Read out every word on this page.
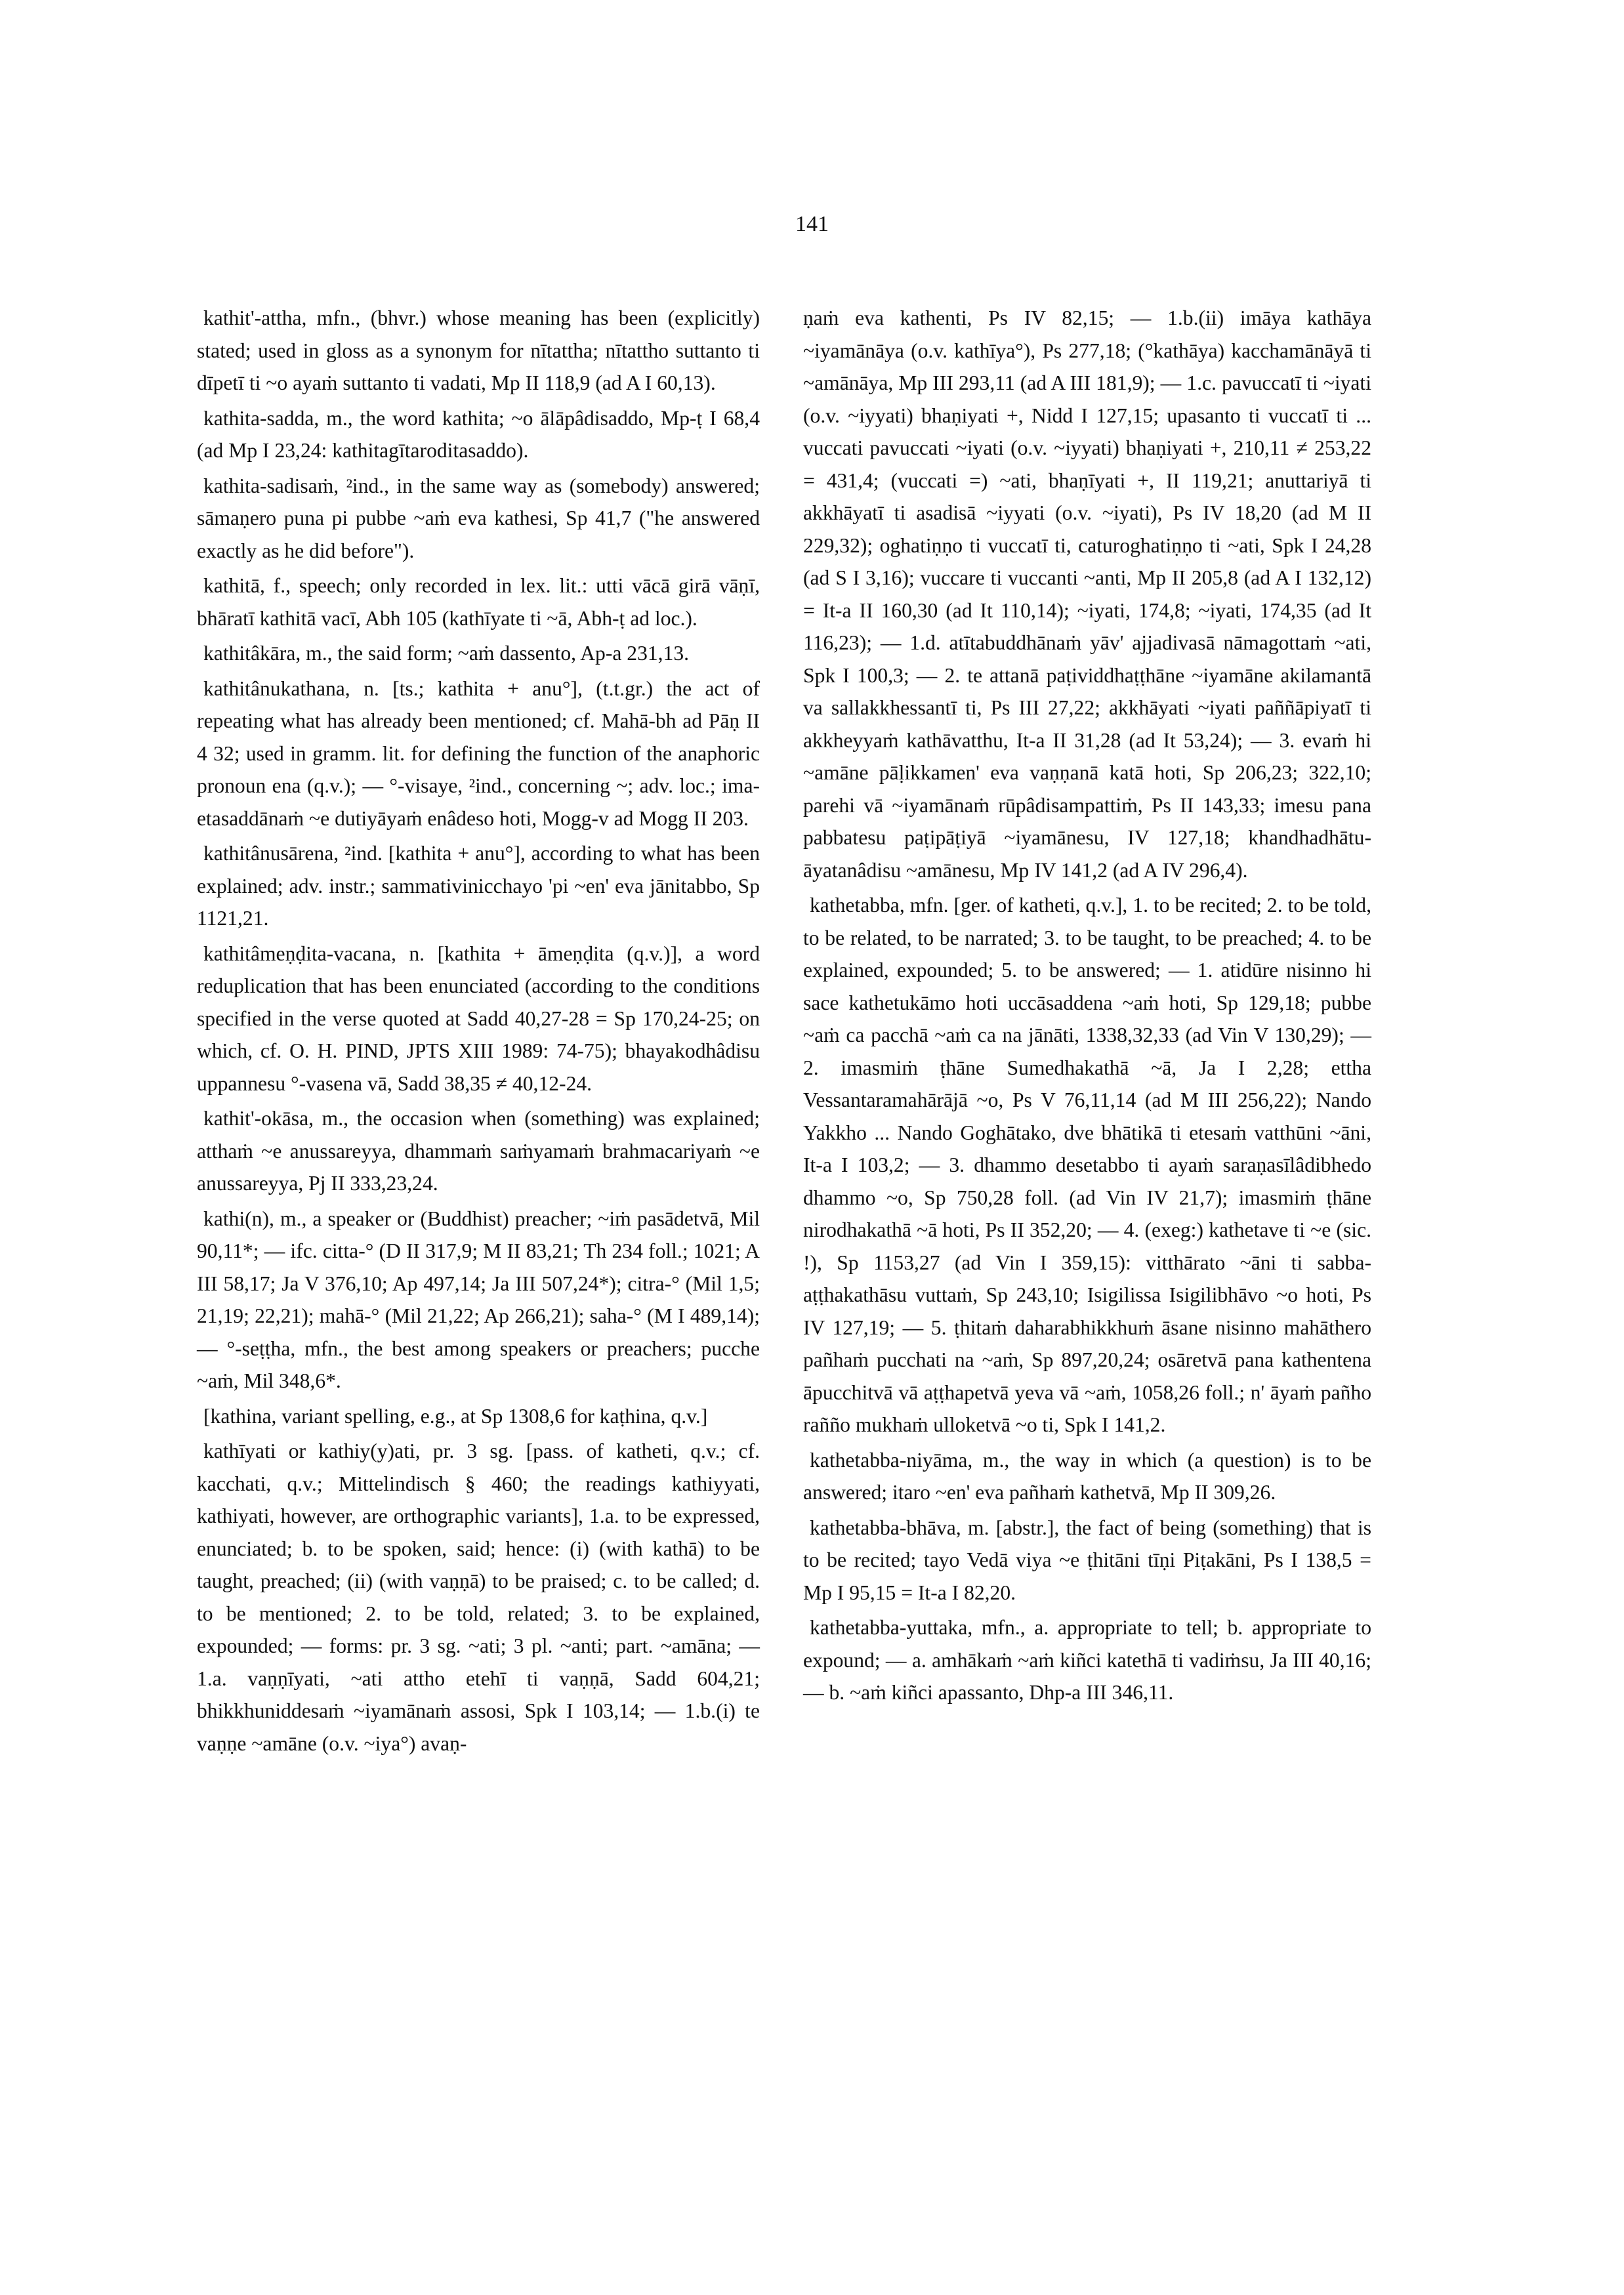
141

kathit'-attha, mfn., (bhvr.) whose meaning has been (explicitly) stated; used in gloss as a synonym for nītattha; nītattho suttanto ti dīpetī ti ~o ayaṁ suttanto ti vadati, Mp II 118,9 (ad A I 60,13).

kathita-sadda, m., the word kathita; ~o ālāpâdisaddo, Mp-ṭ I 68,4 (ad Mp I 23,24: kathitagītaroditasaddo).

kathita-sadisaṁ, ²ind., in the same way as (somebody) answered; sāmaṇero puna pi pubbe ~aṁ eva kathesi, Sp 41,7 ("he answered exactly as he did before").

kathitā, f., speech; only recorded in lex. lit.: utti vācā girā vāṇī, bhāratī kathitā vacī, Abh 105 (kathīyate ti ~ā, Abh-ṭ ad loc.).

kathitâkāra, m., the said form; ~aṁ dassento, Ap-a 231,13.

kathitânukathana, n. [ts.; kathita + anu°], (t.t.gr.) the act of repeating what has already been mentioned; cf. Mahā-bh ad Pāṇ II 4 32; used in gramm. lit. for defining the function of the anaphoric pronoun ena (q.v.); — °-visaye, ²ind., concerning ~; adv. loc.; ima-etasaddānaṁ ~e dutiyāyaṁ enâdeso hoti, Mogg-v ad Mogg II 203.

kathitânusārena, ²ind. [kathita + anu°], according to what has been explained; adv. instr.; sammativinicchayo 'pi ~en' eva jānitabbo, Sp 1121,21.

kathitâmeṇḍita-vacana, n. [kathita + āmeṇḍita (q.v.)], a word reduplication that has been enunciated (according to the conditions specified in the verse quoted at Sadd 40,27-28 = Sp 170,24-25; on which, cf. O. H. PIND, JPTS XIII 1989: 74-75); bhayakodhâdisu uppannesu °-vasena vā, Sadd 38,35 ≠ 40,12-24.

kathit'-okāsa, m., the occasion when (something) was explained; atthaṁ ~e anussareyya, dhammaṁ saṁyamaṁ brahmacariyaṁ ~e anussareyya, Pj II 333,23,24.

kathi(n), m., a speaker or (Buddhist) preacher; ~iṁ pasādetvā, Mil 90,11*; — ifc. citta-° (D II 317,9; M II 83,21; Th 234 foll.; 1021; A III 58,17; Ja V 376,10; Ap 497,14; Ja III 507,24*); citra-° (Mil 1,5; 21,19; 22,21); mahā-° (Mil 21,22; Ap 266,21); saha-° (M I 489,14); — °-seṭṭha, mfn., the best among speakers or preachers; pucche ~aṁ, Mil 348,6*.

[kathina, variant spelling, e.g., at Sp 1308,6 for kaṭhina, q.v.]

kathīyati or kathiy(y)ati, pr. 3 sg. [pass. of katheti, q.v.; cf. kacchati, q.v.; Mittelindisch § 460; the readings kathiyyati, kathiyati, however, are orthographic variants], 1.a. to be expressed, enunciated; b. to be spoken, said; hence: (i) (with kathā) to be taught, preached; (ii) (with vaṇṇā) to be praised; c. to be called; d. to be mentioned; 2. to be told, related; 3. to be explained, expounded; — forms: pr. 3 sg. ~ati; 3 pl. ~anti; part. ~amāna; — 1.a. vaṇṇīyati, ~ati attho etehī ti vaṇṇā, Sadd 604,21; bhikkhuniddesaṁ ~iyamānaṁ assosi, Spk I 103,14; — 1.b.(i) te vaṇṇe ~amāne (o.v. ~iya°) avaṇ-

ṇaṁ eva kathenti, Ps IV 82,15; — 1.b.(ii) imāya kathāya ~iyamānāya (o.v. kathīya°), Ps 277,18; (°kathāya) kacchamānāyā ti ~amānāya, Mp III 293,11 (ad A III 181,9); — 1.c. pavuccatī ti ~iyati (o.v. ~iyyati) bhaṇiyati +, Nidd I 127,15; upasanto ti vuccatī ti ... vuccati pavuccati ~iyati (o.v. ~iyyati) bhaṇiyati +, 210,11 ≠ 253,22 = 431,4; (vuccati =) ~ati, bhaṇīyati +, II 119,21; anuttariyā ti akkhāyatī ti asadisā ~iyyati (o.v. ~iyati), Ps IV 18,20 (ad M II 229,32); oghatiṇṇo ti vuccatī ti, caturoghatiṇṇo ti ~ati, Spk I 24,28 (ad S I 3,16); vuccare ti vuccanti ~anti, Mp II 205,8 (ad A I 132,12) = It-a II 160,30 (ad It 110,14); ~iyati, 174,8; ~iyati, 174,35 (ad It 116,23); — 1.d. atītabuddhānaṁ yāv' ajjadivasā nāmagottaṁ ~ati, Spk I 100,3; — 2. te attanā paṭividdhaṭṭhāne ~iyamāne akilamantā va sallakkhessantī ti, Ps III 27,22; akkhāyati ~iyati paññāpiyatī ti akkheyyaṁ kathāvatthu, It-a II 31,28 (ad It 53,24); — 3. evaṁ hi ~amāne pāḷikkamen' eva vaṇṇanā katā hoti, Sp 206,23; 322,10; parehi vā ~iyamānaṁ rūpâdisampattiṁ, Ps II 143,33; imesu pana pabbatesu paṭipāṭiyā ~iyamānesu, IV 127,18; khandhadhātu-āyatanâdisu ~amānesu, Mp IV 141,2 (ad A IV 296,4).

kathetabba, mfn. [ger. of katheti, q.v.], 1. to be recited; 2. to be told, to be related, to be narrated; 3. to be taught, to be preached; 4. to be explained, expounded; 5. to be answered; — 1. atidūre nisinno hi sace kathetukāmo hoti uccāsaddena ~aṁ hoti, Sp 129,18; pubbe ~aṁ ca pacchā ~aṁ ca na jānāti, 1338,32,33 (ad Vin V 130,29); — 2. imasmiṁ ṭhāne Sumedhakathā ~ā, Ja I 2,28; ettha Vessantaramahārājā ~o, Ps V 76,11,14 (ad M III 256,22); Nando Yakkho ... Nando Goghātako, dve bhātikā ti etesaṁ vatthūni ~āni, It-a I 103,2; — 3. dhammo desetabbo ti ayaṁ saraṇasīlâdibhedo dhammo ~o, Sp 750,28 foll. (ad Vin IV 21,7); imasmiṁ ṭhāne nirodhakathā ~ā hoti, Ps II 352,20; — 4. (exeg:) kathetave ti ~e (sic. !), Sp 1153,27 (ad Vin I 359,15): vitthārato ~āni ti sabba-aṭṭhakathāsu vuttaṁ, Sp 243,10; Isigilissa Isigilibhāvo ~o hoti, Ps IV 127,19; — 5. ṭhitaṁ daharabhikkhuṁ āsane nisinno mahāthero pañhaṁ pucchati na ~aṁ, Sp 897,20,24; osāretvā pana kathentena āpucchitvā vā aṭṭhapetvā yeva vā ~aṁ, 1058,26 foll.; n' āyaṁ pañho rañño mukhaṁ ulloketvā ~o ti, Spk I 141,2.

kathetabba-niyāma, m., the way in which (a question) is to be answered; itaro ~en' eva pañhaṁ kathetvā, Mp II 309,26.

kathetabba-bhāva, m. [abstr.], the fact of being (something) that is to be recited; tayo Vedā viya ~e ṭhitāni tīṇi Piṭakāni, Ps I 138,5 = Mp I 95,15 = It-a I 82,20.

kathetabba-yuttaka, mfn., a. appropriate to tell; b. appropriate to expound; — a. amhākaṁ ~aṁ kiñci katethā ti vadiṁsu, Ja III 40,16; — b. ~aṁ kiñci apassanto, Dhp-a III 346,11.
